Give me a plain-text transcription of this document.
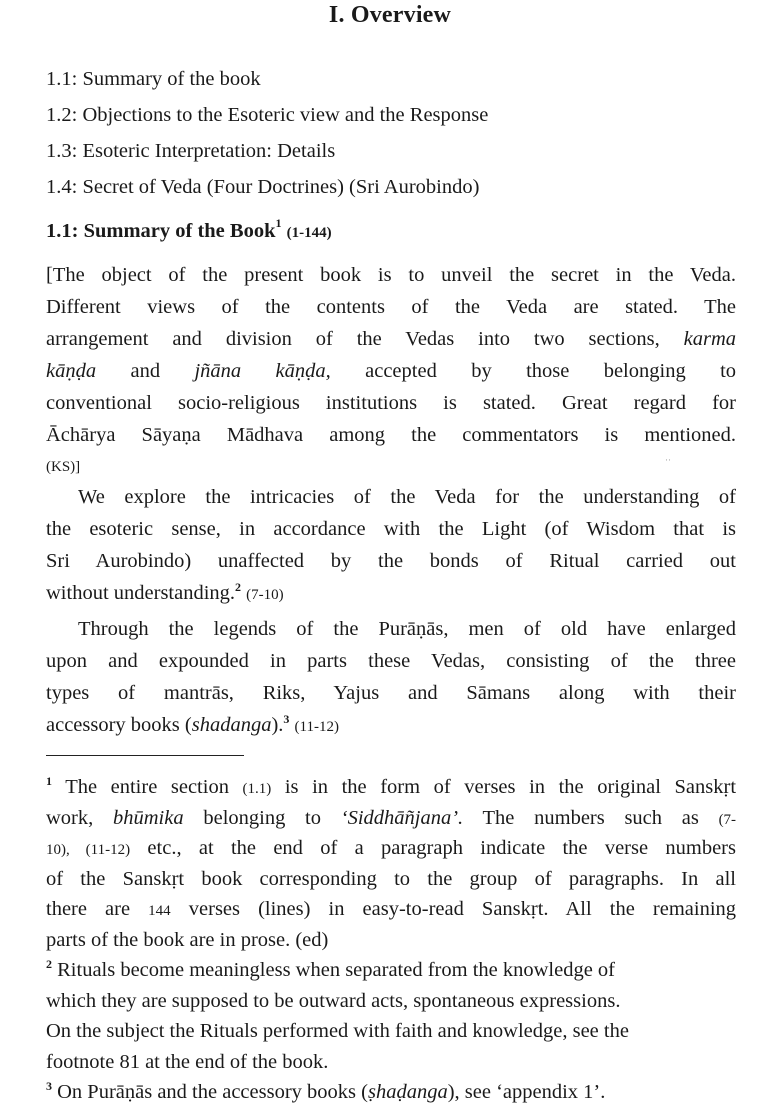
I. Overview
1.1: Summary of the book
1.2: Objections to the Esoteric view and the Response
1.3: Esoteric Interpretation: Details
1.4: Secret of Veda (Four Doctrines) (Sri Aurobindo)
1.1: Summary of the Book$^1$ (1-144)
[The object of the present book is to unveil the secret in the Veda.
Different views of the contents of the Veda are stated. The
arrangement and division of the Vedas into two sections, karma
kāṇḍa and jñāna kāṇḍa, accepted by those belonging to
conventional socio-religious institutions is stated. Great regard for
Āchārya Sāyaṇa Mādhava among the commentators is mentioned.
(KS)]	··
We explore the intricacies of the Veda for the understanding of
the esoteric sense, in accordance with the Light (of Wisdom that is
Sri Aurobindo) unaffected by the bonds of Ritual carried out
without understanding.$^2$ (7-10)
Through the legends of the Purāṇās, men of old have enlarged
upon and expounded in parts these Vedas, consisting of the three
types of mantrās, Riks, Yajus and Sāmans along with their
accessory books (shadanga).$^3$ (11-12)
$^1$ The entire section (1.1) is in the form of verses in the original Sanskṛt
work, bhūmika belonging to ‘Siddhāñjana’. The numbers such as (7-
10), (11-12) etc., at the end of a paragraph indicate the verse numbers
of the Sanskṛt book corresponding to the group of paragraphs. In all
there are 144 verses (lines) in easy-to-read Sanskṛt. All the remaining
parts of the book are in prose. (ed)
$^2$ Rituals become meaningless when separated from the knowledge of
which they are supposed to be outward acts, spontaneous expressions.
On the subject the Rituals performed with faith and knowledge, see the
footnote 81 at the end of the book.
$^3$ On Purāṇās and the accessory books (ṣhaḍanga), see ‘appendix 1’.
